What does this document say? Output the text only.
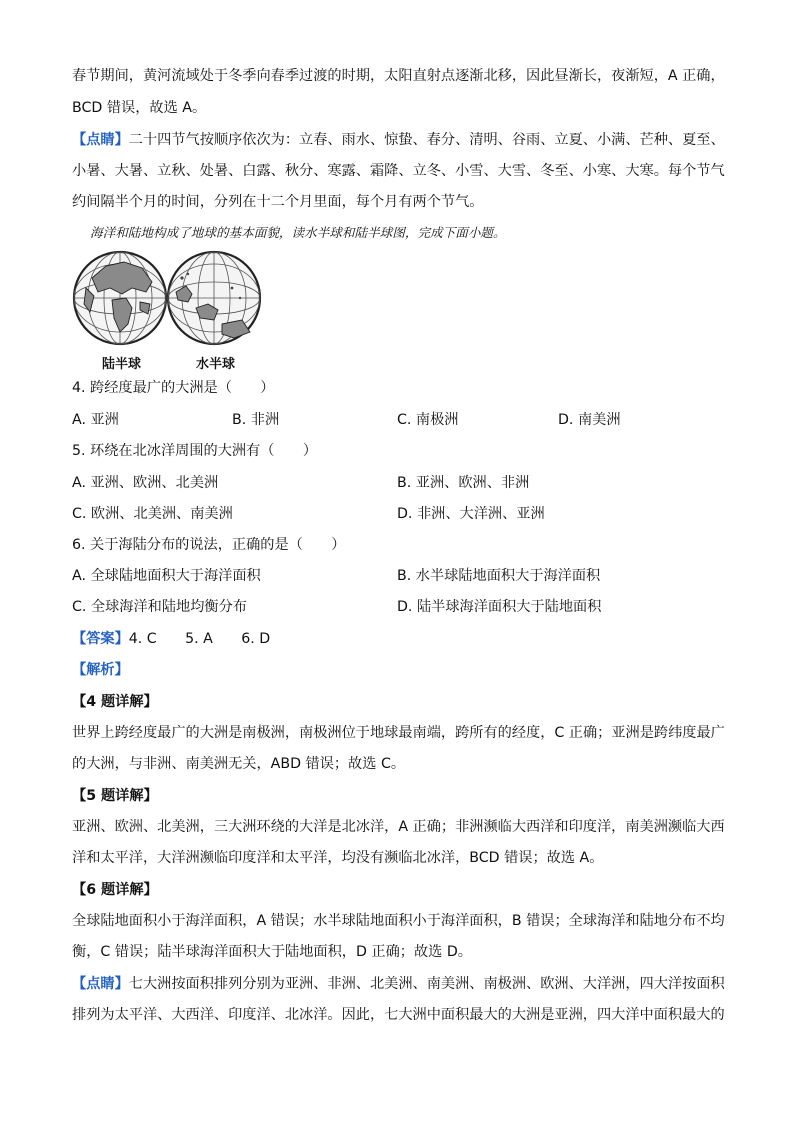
春节期间，黄河流域处于冬季向春季过渡的时期，太阳直射点逐渐北移，因此昼渐长，夜渐短，A 正确，
BCD 错误，故选 A。
【点睛】二十四节气按顺序依次为：立春、雨水、惊蛰、春分、清明、谷雨、立夏、小满、芒种、夏至、
小暑、大暑、立秋、处暑、白露、秋分、寒露、霜降、立冬、小雪、大雪、冬至、小寒、大寒。每个节气
约间隔半个月的时间，分列在十二个月里面，每个月有两个节气。
海洋和陆地构成了地球的基本面貌，读水半球和陆半球图，完成下面小题。
陆半球	水半球
4. 跨经度最广的大洲是（　　）
A. 亚洲	B. 非洲	C. 南极洲	D. 南美洲
5. 环绕在北冰洋周围的大洲有（　　）
A. 亚洲、欧洲、北美洲	B. 亚洲、欧洲、非洲
C. 欧洲、北美洲、南美洲	D. 非洲、大洋洲、亚洲
6. 关于海陆分布的说法，正确的是（　　）
A. 全球陆地面积大于海洋面积	B. 水半球陆地面积大于海洋面积
C. 全球海洋和陆地均衡分布	D. 陆半球海洋面积大于陆地面积
【答案】4. C　　5. A　　6. D
【解析】
【4 题详解】
世界上跨经度最广的大洲是南极洲，南极洲位于地球最南端，跨所有的经度，C 正确；亚洲是跨纬度最广
的大洲，与非洲、南美洲无关，ABD 错误；故选 C。
【5 题详解】
亚洲、欧洲、北美洲，三大洲环绕的大洋是北冰洋，A 正确；非洲濒临大西洋和印度洋，南美洲濒临大西
洋和太平洋，大洋洲濒临印度洋和太平洋，均没有濒临北冰洋，BCD 错误；故选 A。
【6 题详解】
全球陆地面积小于海洋面积，A 错误；水半球陆地面积小于海洋面积，B 错误；全球海洋和陆地分布不均
衡，C 错误；陆半球海洋面积大于陆地面积，D 正确；故选 D。
【点睛】七大洲按面积排列分别为亚洲、非洲、北美洲、南美洲、南极洲、欧洲、大洋洲，四大洋按面积
排列为太平洋、大西洋、印度洋、北冰洋。因此，七大洲中面积最大的大洲是亚洲，四大洋中面积最大的
